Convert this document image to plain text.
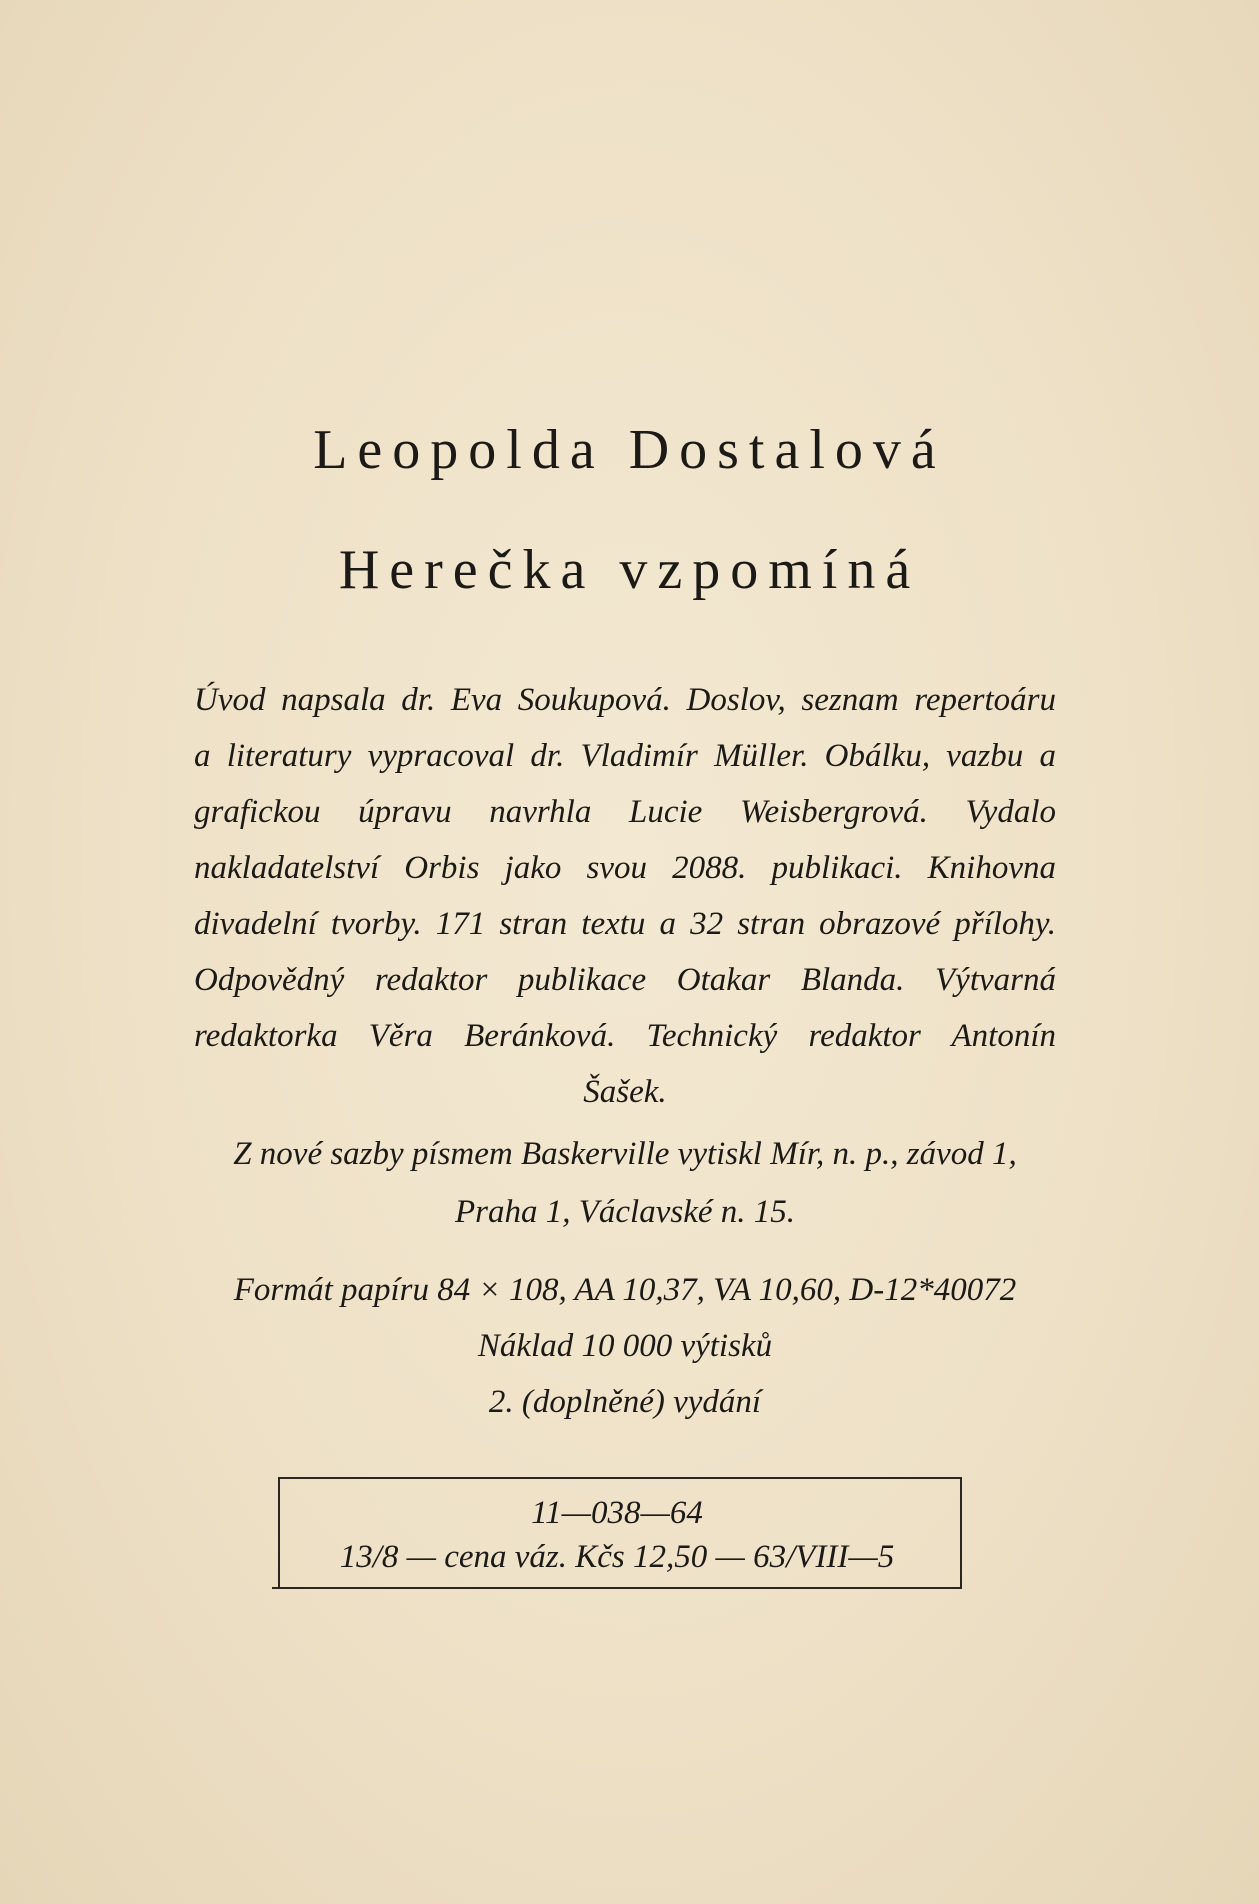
Leopolda Dostalová
Herečka vzpomíná

Úvod napsala dr. Eva Soukupová. Doslov, seznam repertoáru a literatury vypracoval dr. Vladimír Müller. Obálku, vazbu a grafickou úpravu navrhla Lucie Weisbergrová. Vydalo nakladatelství Orbis jako svou 2088. publikaci. Knihovna divadelní tvorby. 171 stran textu a 32 stran obrazové přílohy. Odpovědný redaktor publikace Otakar Blanda. Výtvarná redaktorka Věra Beránková. Technický redaktor Antonín Šašek.

Z nové sazby písmem Baskerville vytiskl Mír, n. p., závod 1, Praha 1, Václavské n. 15.

Formát papíru 84 × 108, AA 10,37, VA 10,60, D-12*40072
Náklad 10 000 výtisků
2. (doplněné) vydání

11—038—64

13/8 — cena váz. Kčs 12,50 — 63/VIII—5
